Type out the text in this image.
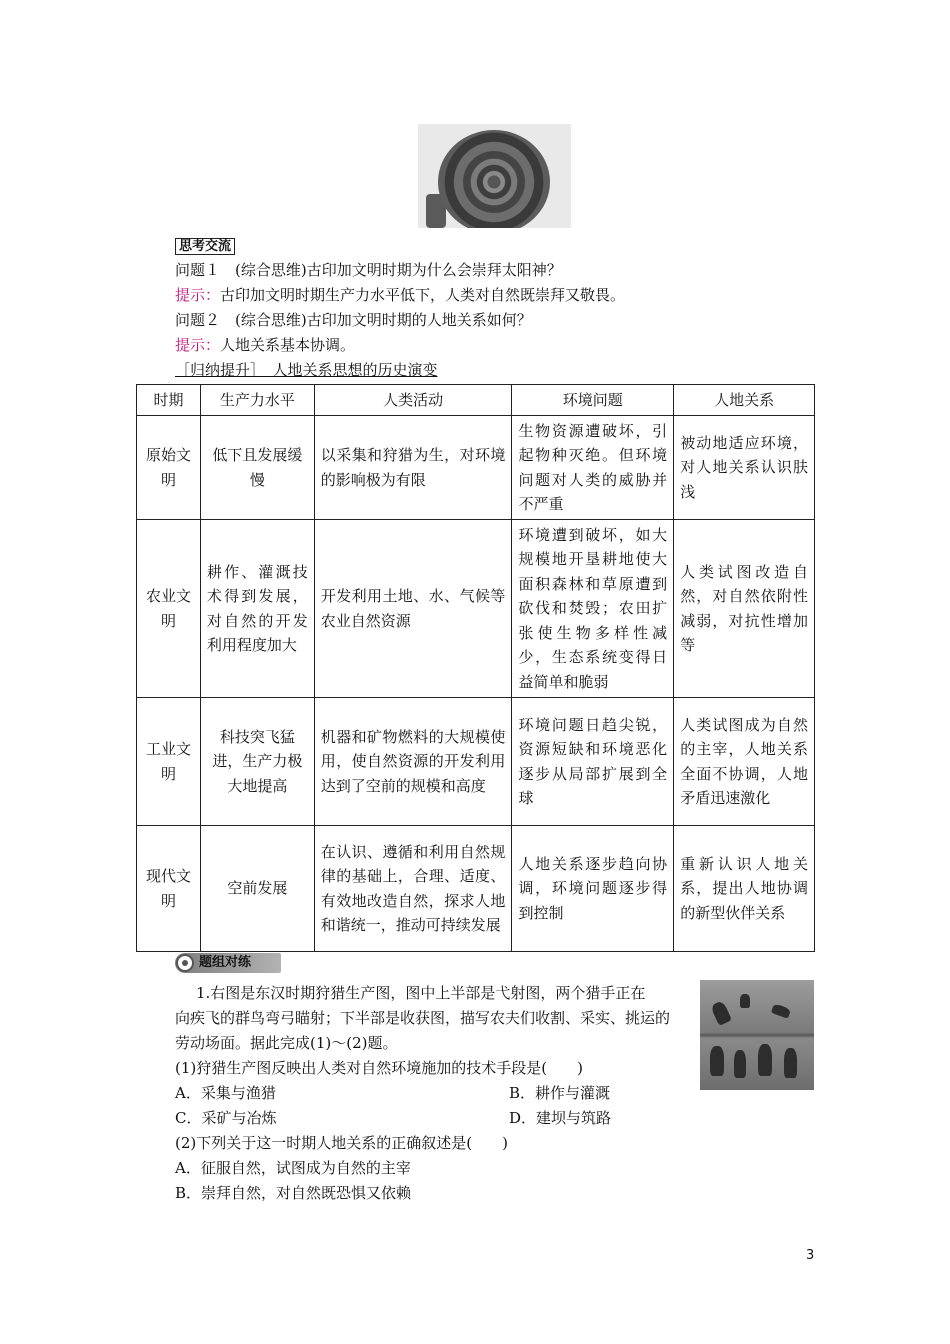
思考交流
问题１　(综合思维)古印加文明时期为什么会崇拜太阳神？
提示：古印加文明时期生产力水平低下，人类对自然既崇拜又敬畏。
问题２　(综合思维)古印加文明时期的人地关系如何？
提示：人地关系基本协调。
［归纳提升］　人地关系思想的历史演变
时期	生产力水平	人类活动	环境问题	人地关系
原始文明	低下且发展缓慢	以采集和狩猎为生，对环境的影响极为有限	生物资源遭破坏，引起物种灭绝。但环境问题对人类的威胁并不严重	被动地适应环境，对人地关系认识肤浅
农业文明	耕作、灌溉技术得到发展，对自然的开发利用程度加大	开发利用土地、水、气候等农业自然资源	环境遭到破坏，如大规模地开垦耕地使大面积森林和草原遭到砍伐和焚毁；农田扩张使生物多样性减少，生态系统变得日益简单和脆弱	人类试图改造自然，对自然依附性减弱，对抗性增加等
工业文明	科技突飞猛进，生产力极大地提高	机器和矿物燃料的大规模使用，使自然资源的开发利用达到了空前的规模和高度	环境问题日趋尖锐，资源短缺和环境恶化逐步从局部扩展到全球	人类试图成为自然的主宰，人地关系全面不协调，人地矛盾迅速激化
现代文明	空前发展	在认识、遵循和利用自然规律的基础上，合理、适度、有效地改造自然，探求人地和谐统一，推动可持续发展	人地关系逐步趋向协调，环境问题逐步得到控制	重新认识人地关系，提出人地协调的新型伙伴关系
题组对练
1.右图是东汉时期狩猎生产图，图中上半部是弋射图，两个猎手正在
向疾飞的群鸟弯弓瞄射；下半部是收获图，描写农夫们收割、采实、挑运的
劳动场面。据此完成(1)～(2)题。
(1)狩猎生产图反映出人类对自然环境施加的技术手段是(　　)
A．采集与渔猎	B．耕作与灌溉
C．采矿与冶炼	D．建坝与筑路
(2)下列关于这一时期人地关系的正确叙述是(　　)
A．征服自然，试图成为自然的主宰
B．崇拜自然，对自然既恐惧又依赖
3
